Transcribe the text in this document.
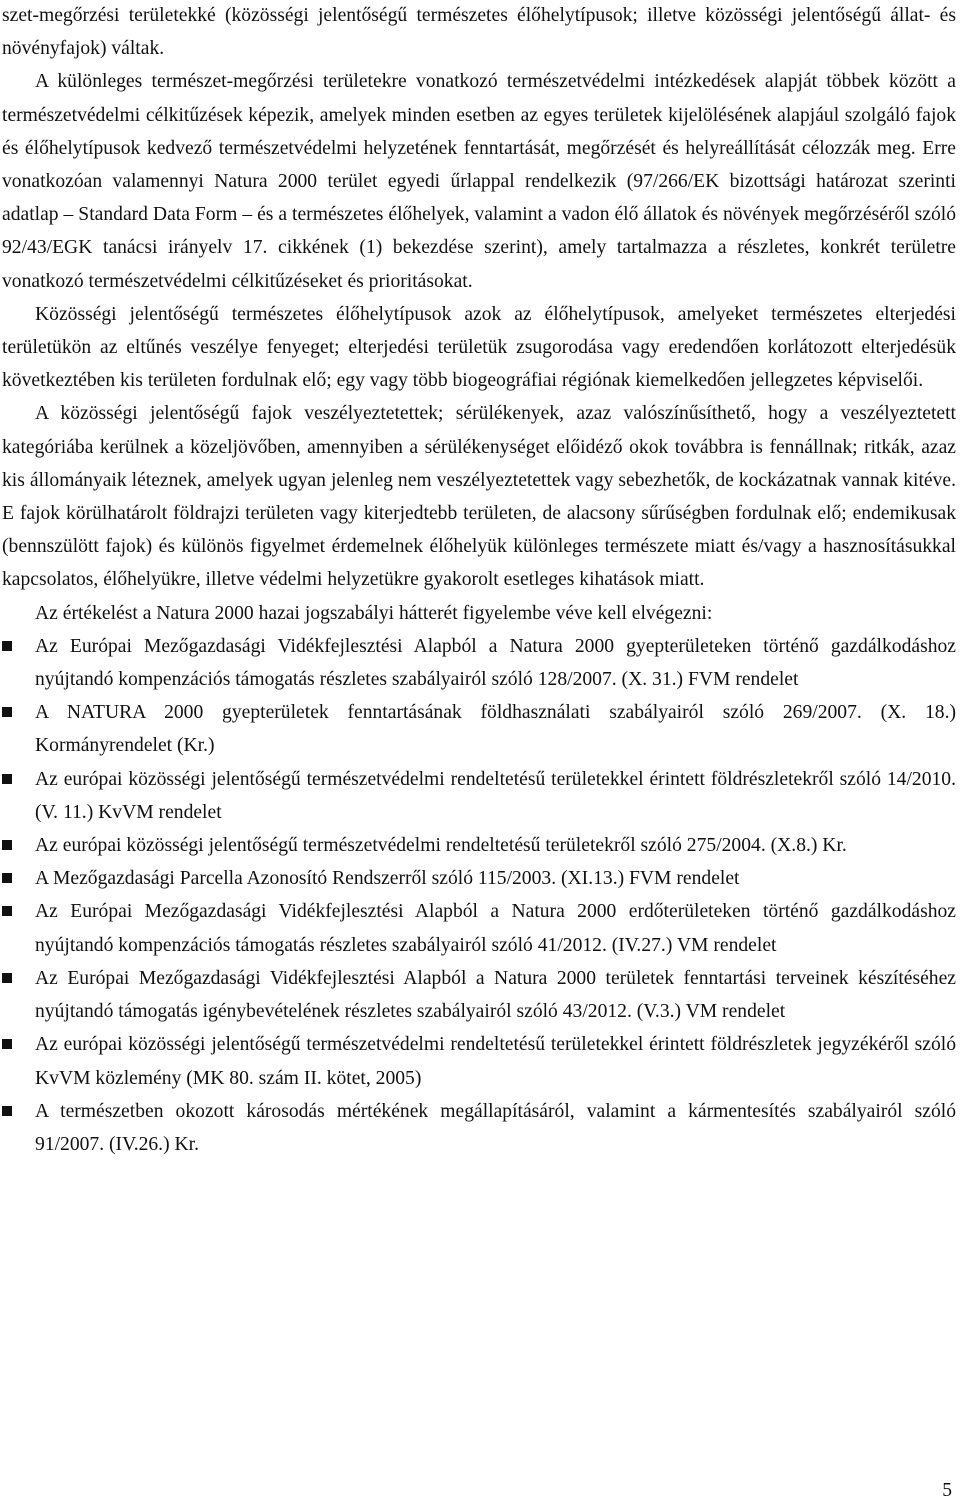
szet-megőrzési területekké (közösségi jelentőségű természetes élőhelytípusok; illetve közösségi jelentőségű állat- és növényfajok) váltak.

A különleges természet-megőrzési területekre vonatkozó természetvédelmi intézkedések alapját többek között a természetvédelmi célkitűzések képezik, amelyek minden esetben az egyes területek kijelölésének alapjául szolgáló fajok és élőhelytípusok kedvező természetvédelmi helyzetének fenntartását, megőrzését és helyreállítását célozzák meg. Erre vonatkozóan valamennyi Natura 2000 terület egyedi űrlappal rendelkezik (97/266/EK bizottsági határozat szerinti adatlap – Standard Data Form – és a természetes élőhelyek, valamint a vadon élő állatok és növények megőrzéséről szóló 92/43/EGK tanácsi irányelv 17. cikkének (1) bekezdése szerint), amely tartalmazza a részletes, konkrét területre vonatkozó természetvédelmi célkitűzéseket és prioritásokat.

Közösségi jelentőségű természetes élőhelytípusok azok az élőhelytípusok, amelyeket természetes elterjedési területükön az eltűnés veszélye fenyeget; elterjedési területük zsugorodása vagy eredendően korlátozott elterjedésük következtében kis területen fordulnak elő; egy vagy több biogeográfiai régiónak kiemelkedően jellegzetes képviselői.

A közösségi jelentőségű fajok veszélyeztetettek; sérülékenyek, azaz valószínűsíthető, hogy a veszélyeztetett kategóriába kerülnek a közeljövőben, amennyiben a sérülékenységet előidéző okok továbbra is fennállnak; ritkák, azaz kis állományaik léteznek, amelyek ugyan jelenleg nem veszélyeztetettek vagy sebezhetők, de kockázatnak vannak kitéve. E fajok körülhatárolt földrajzi területen vagy kiterjedtebb területen, de alacsony sűrűségben fordulnak elő; endemikusak (bennszülött fajok) és különös figyelmet érdemelnek élőhelyük különleges természete miatt és/vagy a hasznosításukkal kapcsolatos, élőhelyükre, illetve védelmi helyzetükre gyakorolt esetleges kihatások miatt.

Az értékelést a Natura 2000 hazai jogszabályi hátterét figyelembe véve kell elvégezni:

Az Európai Mezőgazdasági Vidékfejlesztési Alapból a Natura 2000 gyepterületeken történő gazdálkodáshoz nyújtandó kompenzációs támogatás részletes szabályairól szóló 128/2007. (X. 31.) FVM rendelet
A NATURA 2000 gyepterületek fenntartásának földhasználati szabályairól szóló 269/2007. (X. 18.) Kormányrendelet (Kr.)
Az európai közösségi jelentőségű természetvédelmi rendeltetésű területekkel érintett földrészletekről szóló 14/2010. (V. 11.) KvVM rendelet
Az európai közösségi jelentőségű természetvédelmi rendeltetésű területekről szóló 275/2004. (X.8.) Kr.
A Mezőgazdasági Parcella Azonosító Rendszerről szóló 115/2003. (XI.13.) FVM rendelet
Az Európai Mezőgazdasági Vidékfejlesztési Alapból a Natura 2000 erdőterületeken történő gazdálkodáshoz nyújtandó kompenzációs támogatás részletes szabályairól szóló 41/2012. (IV.27.) VM rendelet
Az Európai Mezőgazdasági Vidékfejlesztési Alapból a Natura 2000 területek fenntartási terveinek készítéséhez nyújtandó támogatás igénybevételének részletes szabályairól szóló 43/2012. (V.3.) VM rendelet
Az európai közösségi jelentőségű természetvédelmi rendeltetésű területekkel érintett földrészletek jegyzékéről szóló KvVM közlemény (MK 80. szám II. kötet, 2005)
A természetben okozott károsodás mértékének megállapításáról, valamint a kármentesítés szabályairól szóló 91/2007. (IV.26.) Kr.
5
